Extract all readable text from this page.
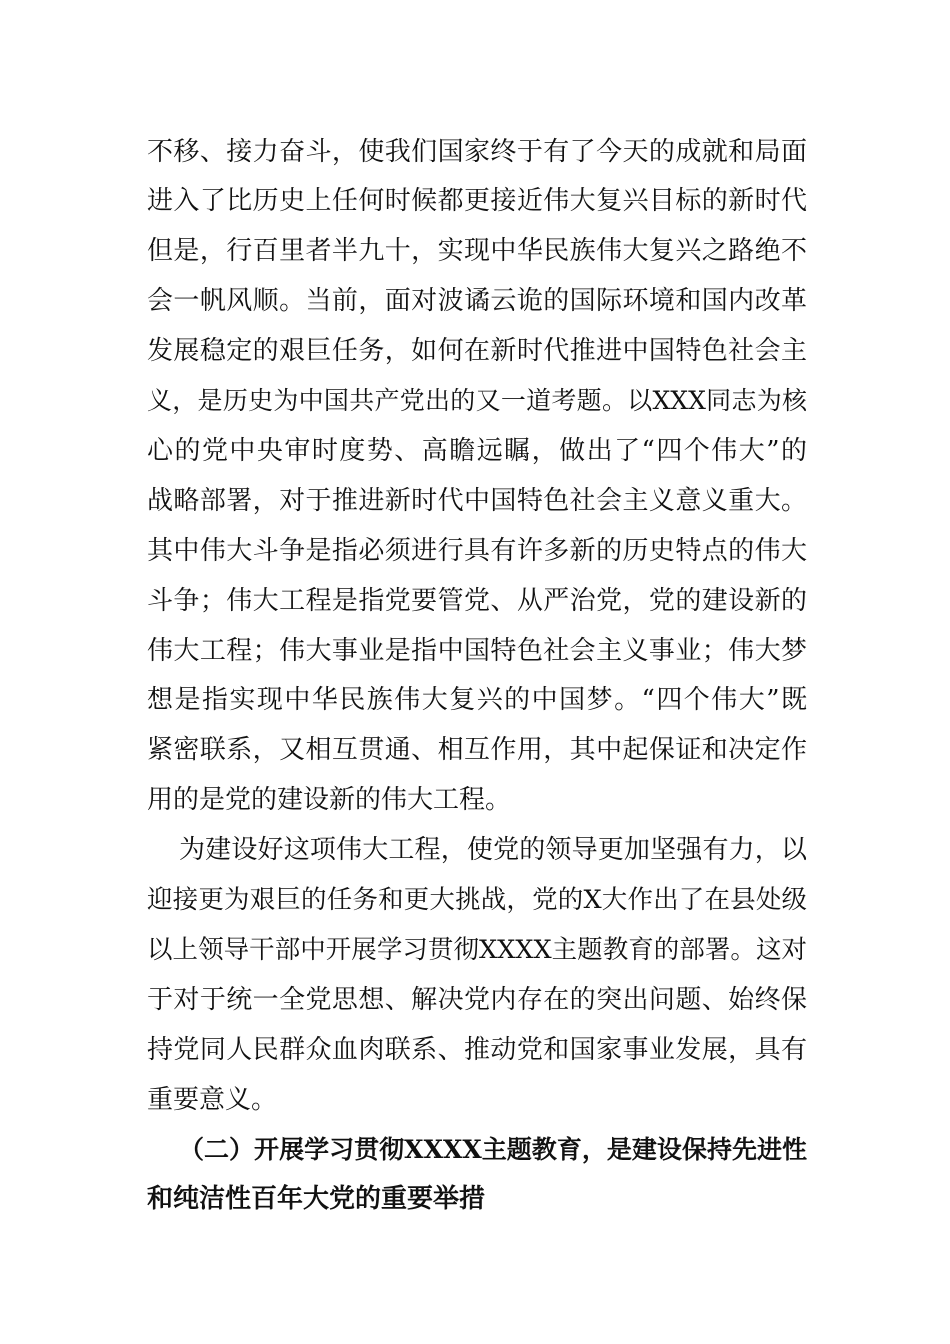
不移、接力奋斗，使我们国家终于有了今天的成就和局面
进入了比历史上任何时候都更接近伟大复兴目标的新时代
但是，行百里者半九十，实现中华民族伟大复兴之路绝不
会一帆风顺。当前，面对波谲云诡的国际环境和国内改革
发展稳定的艰巨任务，如何在新时代推进中国特色社会主
义，是历史为中国共产党出的又一道考题。以XXX同志为核
心的党中央审时度势、高瞻远瞩，做出了“四个伟大”的
战略部署，对于推进新时代中国特色社会主义意义重大。
其中伟大斗争是指必须进行具有许多新的历史特点的伟大
斗争；伟大工程是指党要管党、从严治党，党的建设新的
伟大工程；伟大事业是指中国特色社会主义事业；伟大梦
想是指实现中华民族伟大复兴的中国梦。“四个伟大”既
紧密联系，又相互贯通、相互作用，其中起保证和决定作
用的是党的建设新的伟大工程。
为建设好这项伟大工程，使党的领导更加坚强有力，以
迎接更为艰巨的任务和更大挑战，党的X大作出了在县处级
以上领导干部中开展学习贯彻XXXX主题教育的部署。这对
于对于统一全党思想、解决党内存在的突出问题、始终保
持党同人民群众血肉联系、推动党和国家事业发展，具有
重要意义。
（二）开展学习贯彻XXXX主题教育，是建设保持先进性
和纯洁性百年大党的重要举措
